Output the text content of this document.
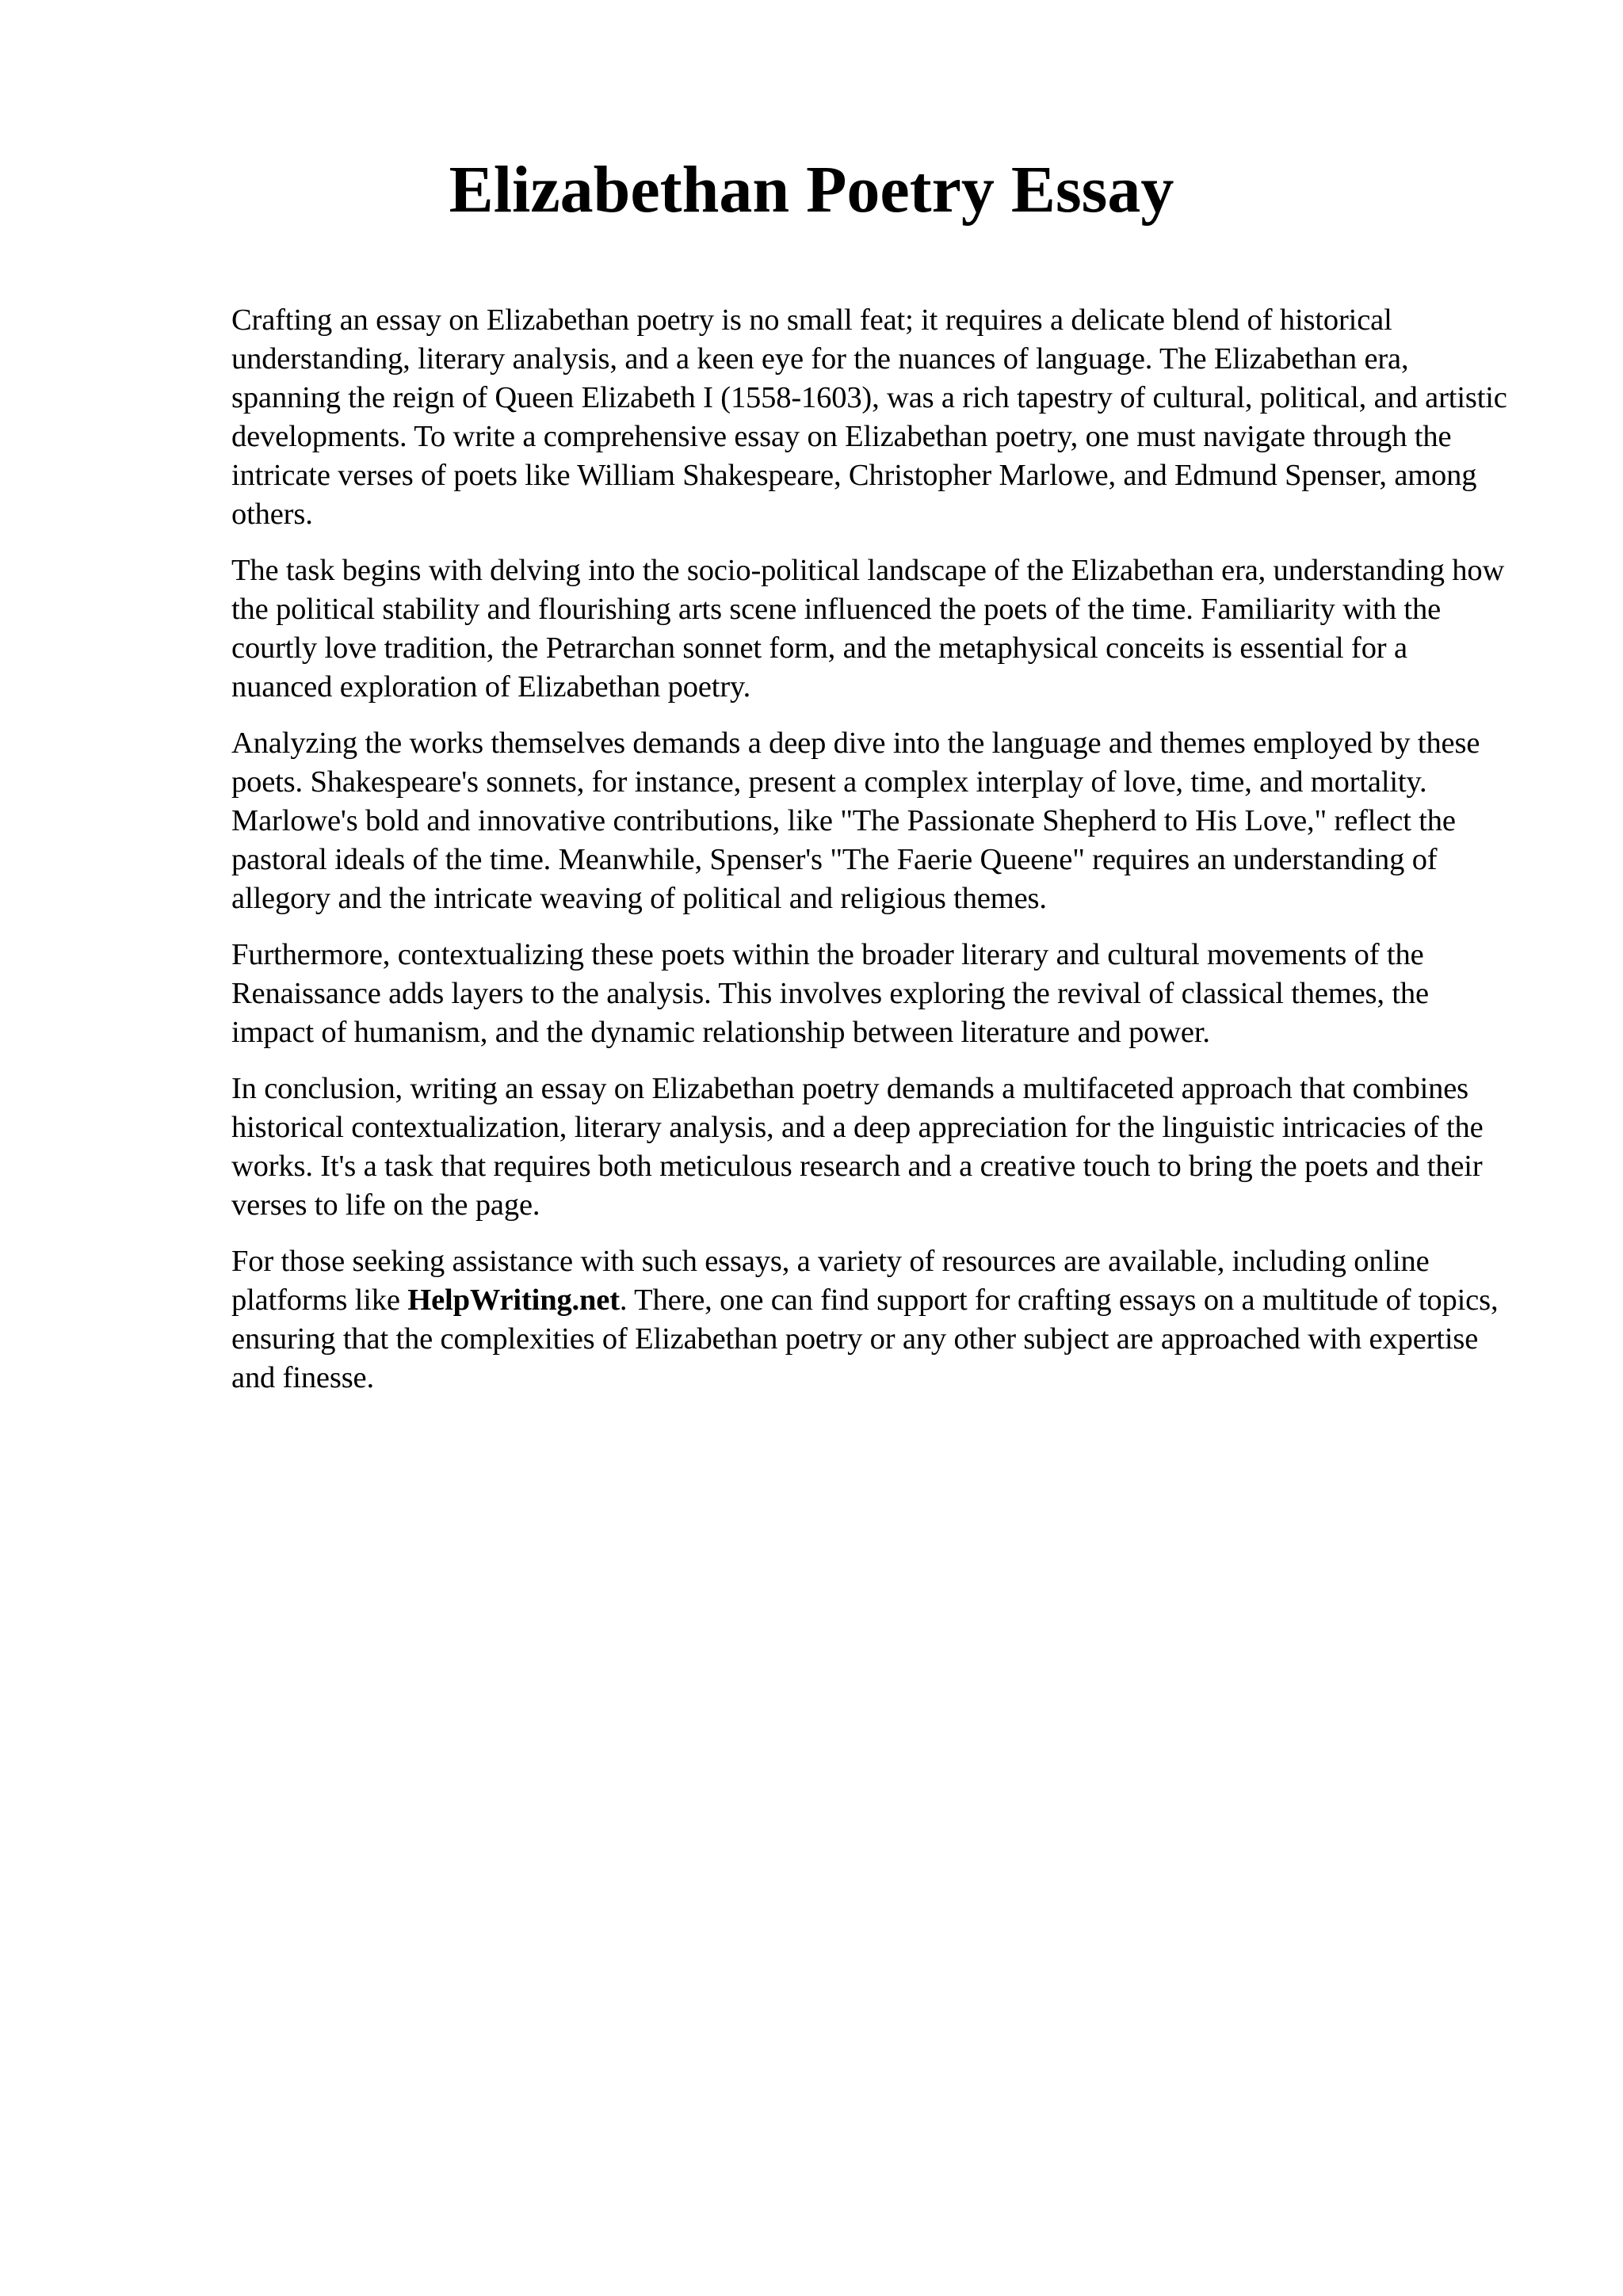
Elizabethan Poetry Essay

Crafting an essay on Elizabethan poetry is no small feat; it requires a delicate blend of historical understanding, literary analysis, and a keen eye for the nuances of language. The Elizabethan era, spanning the reign of Queen Elizabeth I (1558-1603), was a rich tapestry of cultural, political, and artistic developments. To write a comprehensive essay on Elizabethan poetry, one must navigate through the intricate verses of poets like William Shakespeare, Christopher Marlowe, and Edmund Spenser, among others.

The task begins with delving into the socio-political landscape of the Elizabethan era, understanding how the political stability and flourishing arts scene influenced the poets of the time. Familiarity with the courtly love tradition, the Petrarchan sonnet form, and the metaphysical conceits is essential for a nuanced exploration of Elizabethan poetry.

Analyzing the works themselves demands a deep dive into the language and themes employed by these poets. Shakespeare's sonnets, for instance, present a complex interplay of love, time, and mortality. Marlowe's bold and innovative contributions, like "The Passionate Shepherd to His Love," reflect the pastoral ideals of the time. Meanwhile, Spenser's "The Faerie Queene" requires an understanding of allegory and the intricate weaving of political and religious themes.

Furthermore, contextualizing these poets within the broader literary and cultural movements of the Renaissance adds layers to the analysis. This involves exploring the revival of classical themes, the impact of humanism, and the dynamic relationship between literature and power.

In conclusion, writing an essay on Elizabethan poetry demands a multifaceted approach that combines historical contextualization, literary analysis, and a deep appreciation for the linguistic intricacies of the works. It's a task that requires both meticulous research and a creative touch to bring the poets and their verses to life on the page.

For those seeking assistance with such essays, a variety of resources are available, including online platforms like HelpWriting.net. There, one can find support for crafting essays on a multitude of topics, ensuring that the complexities of Elizabethan poetry or any other subject are approached with expertise and finesse.
